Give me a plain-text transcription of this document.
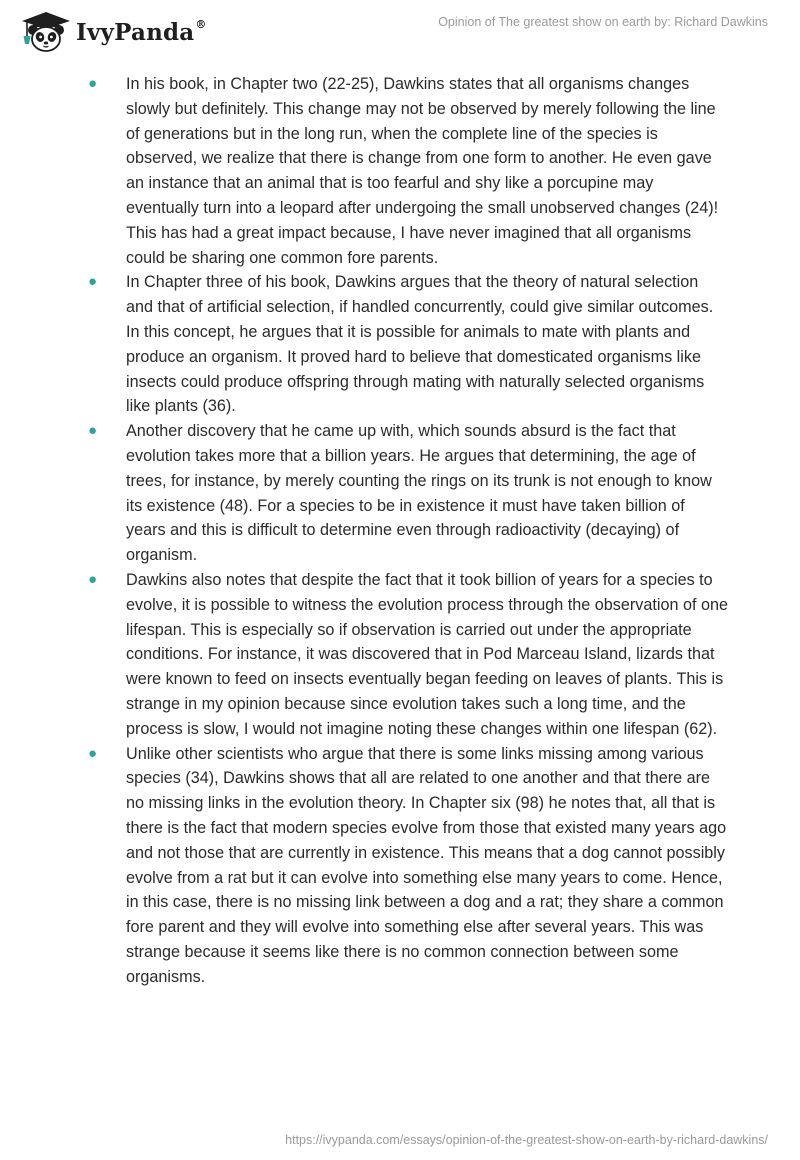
IvyPanda®	Opinion of The greatest show on earth by: Richard Dawkins
● In his book, in Chapter two (22-25), Dawkins states that all organisms changes slowly but definitely. This change may not be observed by merely following the line of generations but in the long run, when the complete line of the species is observed, we realize that there is change from one form to another. He even gave an instance that an animal that is too fearful and shy like a porcupine may eventually turn into a leopard after undergoing the small unobserved changes (24)! This has had a great impact because, I have never imagined that all organisms could be sharing one common fore parents.
● In Chapter three of his book, Dawkins argues that the theory of natural selection and that of artificial selection, if handled concurrently, could give similar outcomes. In this concept, he argues that it is possible for animals to mate with plants and produce an organism. It proved hard to believe that domesticated organisms like insects could produce offspring through mating with naturally selected organisms like plants (36).
● Another discovery that he came up with, which sounds absurd is the fact that evolution takes more that a billion years. He argues that determining, the age of trees, for instance, by merely counting the rings on its trunk is not enough to know its existence (48). For a species to be in existence it must have taken billion of years and this is difficult to determine even through radioactivity (decaying) of organism.
● Dawkins also notes that despite the fact that it took billion of years for a species to evolve, it is possible to witness the evolution process through the observation of one lifespan. This is especially so if observation is carried out under the appropriate conditions. For instance, it was discovered that in Pod Marceau Island, lizards that were known to feed on insects eventually began feeding on leaves of plants. This is strange in my opinion because since evolution takes such a long time, and the process is slow, I would not imagine noting these changes within one lifespan (62).
● Unlike other scientists who argue that there is some links missing among various species (34), Dawkins shows that all are related to one another and that there are no missing links in the evolution theory. In Chapter six (98) he notes that, all that is there is the fact that modern species evolve from those that existed many years ago and not those that are currently in existence. This means that a dog cannot possibly evolve from a rat but it can evolve into something else many years to come. Hence, in this case, there is no missing link between a dog and a rat; they share a common fore parent and they will evolve into something else after several years. This was strange because it seems like there is no common connection between some organisms.
https://ivypanda.com/essays/opinion-of-the-greatest-show-on-earth-by-richard-dawkins/
